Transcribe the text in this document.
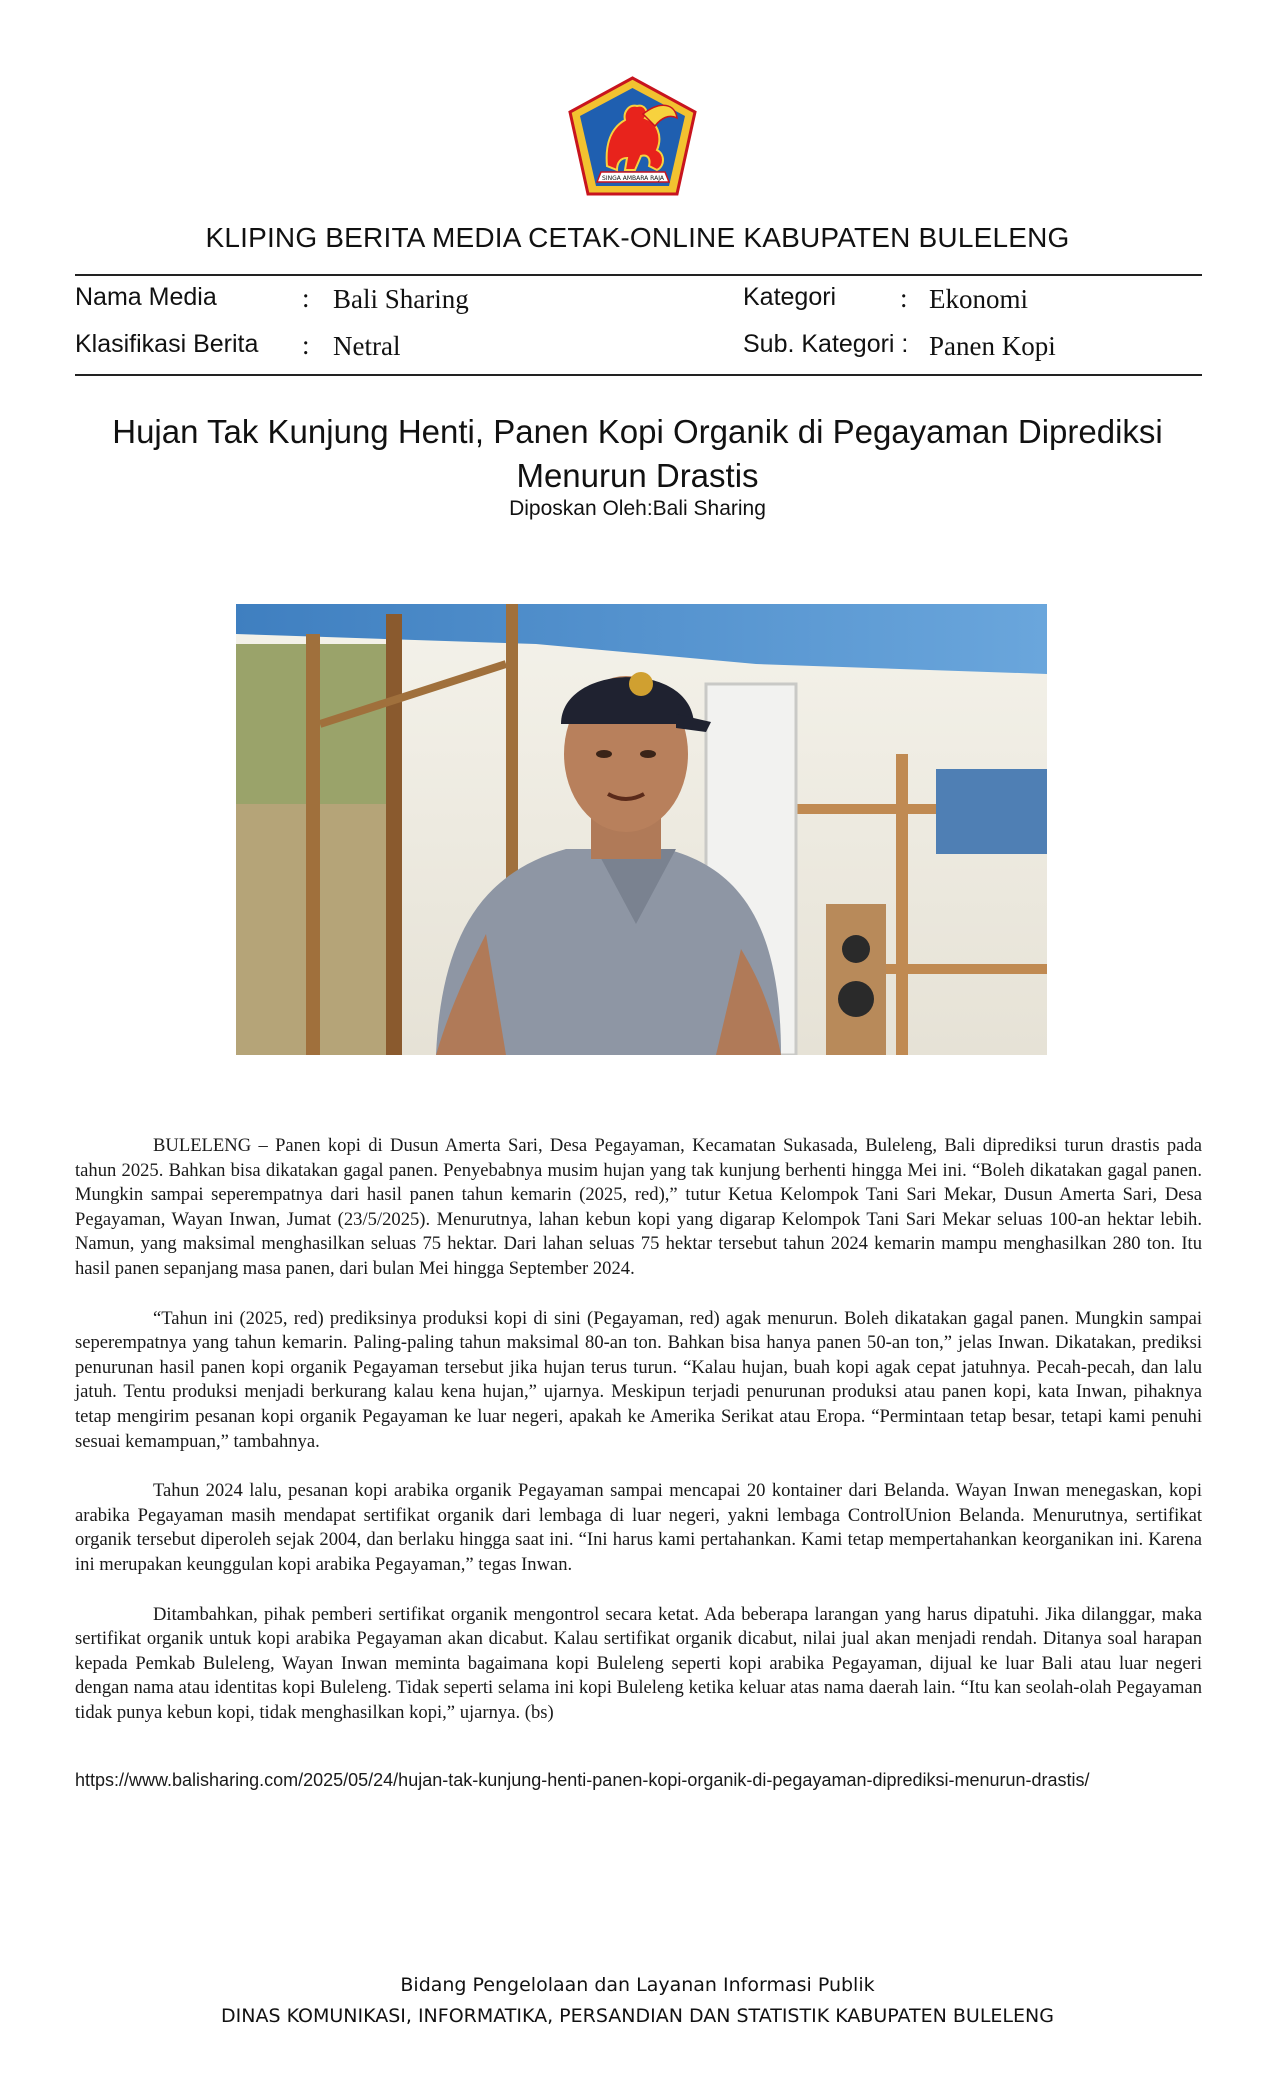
SINGA AMBARA RAJA
KLIPING BERITA MEDIA CETAK-ONLINE KABUPATEN BULELENG
Nama Media	: Bali Sharing	Kategori : Ekonomi
Klasifikasi Berita : Netral	Sub. Kategori : Panen Kopi
Hujan Tak Kunjung Henti, Panen Kopi Organik di Pegayaman Diprediksi Menurun Drastis
Diposkan Oleh:Bali Sharing

BULELENG – Panen kopi di Dusun Amerta Sari, Desa Pegayaman, Kecamatan Sukasada, Buleleng, Bali diprediksi turun drastis pada tahun 2025. Bahkan bisa dikatakan gagal panen. Penyebabnya musim hujan yang tak kunjung berhenti hingga Mei ini. “Boleh dikatakan gagal panen. Mungkin sampai seperempatnya dari hasil panen tahun kemarin (2025, red),” tutur Ketua Kelompok Tani Sari Mekar, Dusun Amerta Sari, Desa Pegayaman, Wayan Inwan, Jumat (23/5/2025). Menurutnya, lahan kebun kopi yang digarap Kelompok Tani Sari Mekar seluas 100-an hektar lebih. Namun, yang maksimal menghasilkan seluas 75 hektar. Dari lahan seluas 75 hektar tersebut tahun 2024 kemarin mampu menghasilkan 280 ton. Itu hasil panen sepanjang masa panen, dari bulan Mei hingga September 2024.

“Tahun ini (2025, red) prediksinya produksi kopi di sini (Pegayaman, red) agak menurun. Boleh dikatakan gagal panen. Mungkin sampai seperempatnya yang tahun kemarin. Paling-paling tahun maksimal 80-an ton. Bahkan bisa hanya panen 50-an ton,” jelas Inwan. Dikatakan, prediksi penurunan hasil panen kopi organik Pegayaman tersebut jika hujan terus turun. “Kalau hujan, buah kopi agak cepat jatuhnya. Pecah-pecah, dan lalu jatuh. Tentu produksi menjadi berkurang kalau kena hujan,” ujarnya. Meskipun terjadi penurunan produksi atau panen kopi, kata Inwan, pihaknya tetap mengirim pesanan kopi organik Pegayaman ke luar negeri, apakah ke Amerika Serikat atau Eropa. “Permintaan tetap besar, tetapi kami penuhi sesuai kemampuan,” tambahnya.

Tahun 2024 lalu, pesanan kopi arabika organik Pegayaman sampai mencapai 20 kontainer dari Belanda. Wayan Inwan menegaskan, kopi arabika Pegayaman masih mendapat sertifikat organik dari lembaga di luar negeri, yakni lembaga ControlUnion Belanda. Menurutnya, sertifikat organik tersebut diperoleh sejak 2004, dan berlaku hingga saat ini. “Ini harus kami pertahankan. Kami tetap mempertahankan keorganikan ini. Karena ini merupakan keunggulan kopi arabika Pegayaman,” tegas Inwan.

Ditambahkan, pihak pemberi sertifikat organik mengontrol secara ketat. Ada beberapa larangan yang harus dipatuhi. Jika dilanggar, maka sertifikat organik untuk kopi arabika Pegayaman akan dicabut. Kalau sertifikat organik dicabut, nilai jual akan menjadi rendah. Ditanya soal harapan kepada Pemkab Buleleng, Wayan Inwan meminta bagaimana kopi Buleleng seperti kopi arabika Pegayaman, dijual ke luar Bali atau luar negeri dengan nama atau identitas kopi Buleleng. Tidak seperti selama ini kopi Buleleng ketika keluar atas nama daerah lain. “Itu kan seolah-olah Pegayaman tidak punya kebun kopi, tidak menghasilkan kopi,” ujarnya. (bs)

https://www.balisharing.com/2025/05/24/hujan-tak-kunjung-henti-panen-kopi-organik-di-pegayaman-diprediksi-menurun-drastis/
Bidang Pengelolaan dan Layanan Informasi Publik
DINAS KOMUNIKASI, INFORMATIKA, PERSANDIAN DAN STATISTIK KABUPATEN BULELENG
